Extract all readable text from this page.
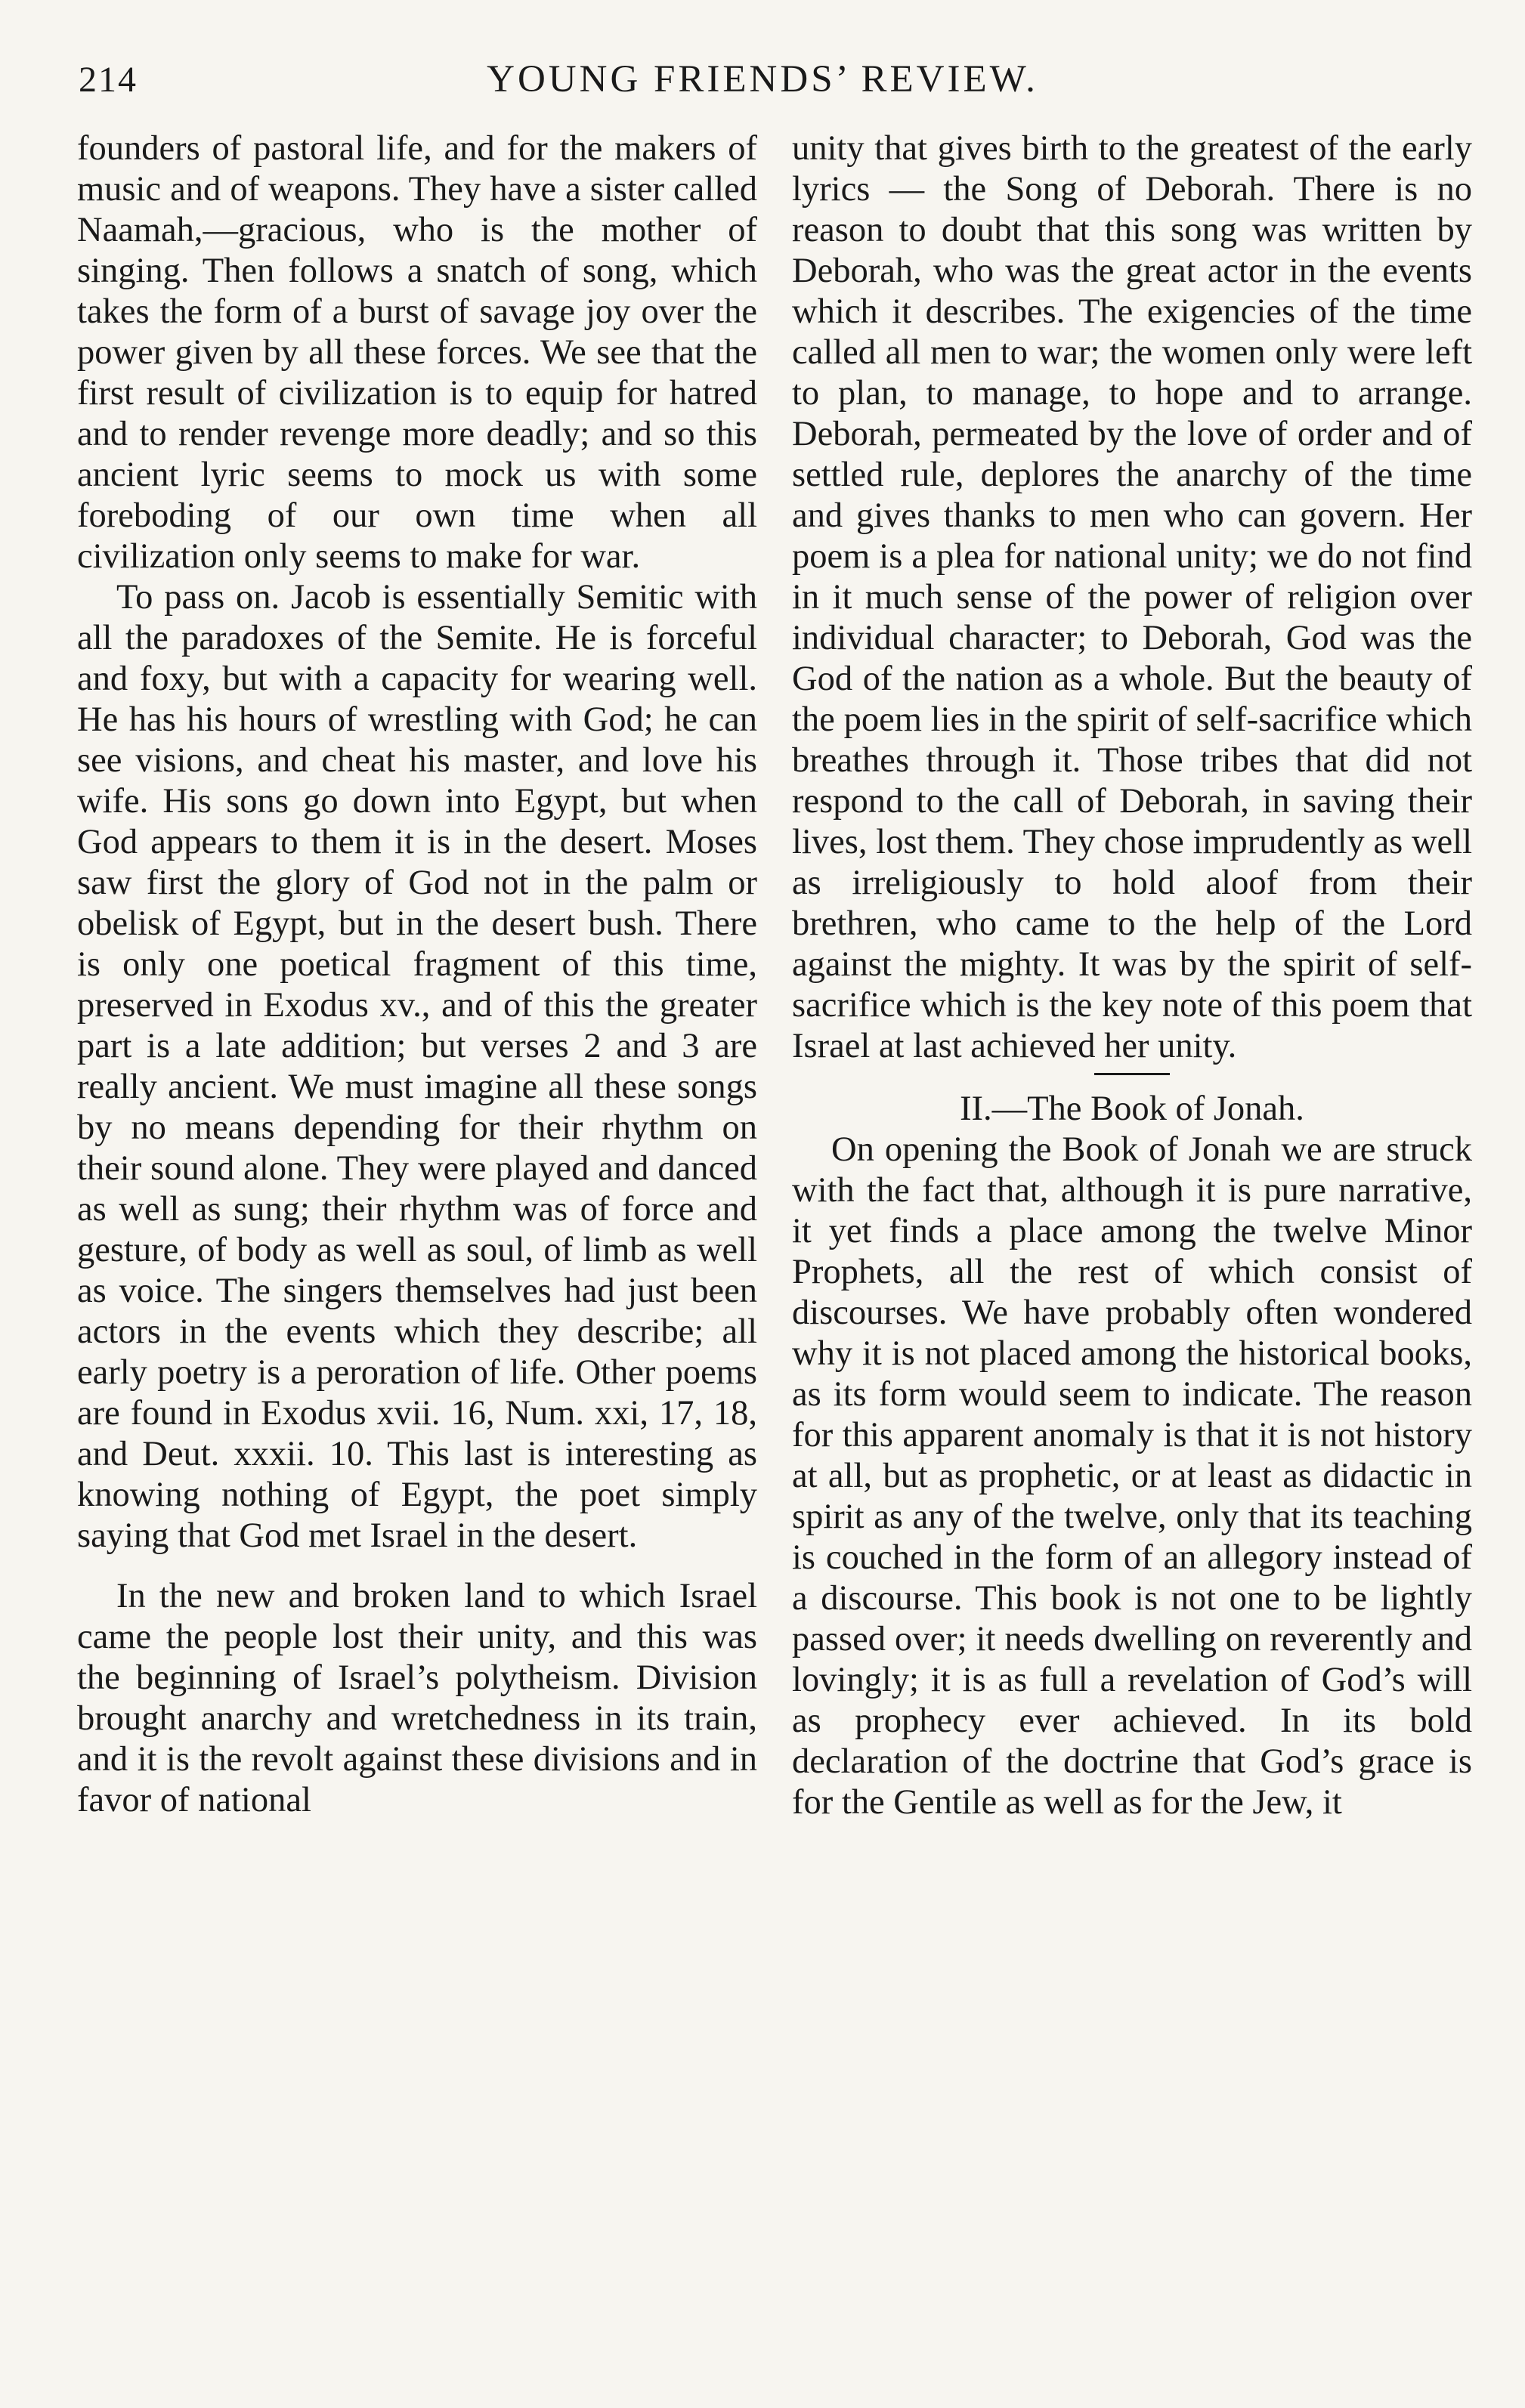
214	YOUNG FRIENDS’ REVIEW.

founders of pastoral life, and for the makers of music and of weapons. They have a sister called Naamah,—gracious, who is the mother of singing. Then follows a snatch of song, which takes the form of a burst of savage joy over the power given by all these forces. We see that the first result of civilization is to equip for hatred and to render revenge more deadly; and so this ancient lyric seems to mock us with some foreboding of our own time when all civilization only seems to make for war.

To pass on. Jacob is essentially Semitic with all the paradoxes of the Semite. He is forceful and foxy, but with a capacity for wearing well. He has his hours of wrestling with God; he can see visions, and cheat his master, and love his wife. His sons go down into Egypt, but when God appears to them it is in the desert. Moses saw first the glory of God not in the palm or obelisk of Egypt, but in the desert bush. There is only one poetical fragment of this time, preserved in Exodus xv., and of this the greater part is a late addition; but verses 2 and 3 are really ancient. We must imagine all these songs by no means depending for their rhythm on their sound alone. They were played and danced as well as sung; their rhythm was of force and gesture, of body as well as soul, of limb as well as voice. The singers themselves had just been actors in the events which they describe; all early poetry is a peroration of life. Other poems are found in Exodus xvii. 16, Num. xxi, 17, 18, and Deut. xxxii. 10. This last is interesting as knowing nothing of Egypt, the poet simply saying that God met Israel in the desert.

In the new and broken land to which Israel came the people lost their unity, and this was the beginning of Israel’s polytheism. Division brought anarchy and wretchedness in its train, and it is the revolt against these divisions and in favor of national

unity that gives birth to the greatest of the early lyrics — the Song of Deborah. There is no reason to doubt that this song was written by Deborah, who was the great actor in the events which it describes. The exigencies of the time called all men to war; the women only were left to plan, to manage, to hope and to arrange. Deborah, permeated by the love of order and of settled rule, deplores the anarchy of the time and gives thanks to men who can govern. Her poem is a plea for national unity; we do not find in it much sense of the power of religion over individual character; to Deborah, God was the God of the nation as a whole. But the beauty of the poem lies in the spirit of self-sacrifice which breathes through it. Those tribes that did not respond to the call of Deborah, in saving their lives, lost them. They chose imprudently as well as irreligiously to hold aloof from their brethren, who came to the help of the Lord against the mighty. It was by the spirit of self-sacrifice which is the key note of this poem that Israel at last achieved her unity.

II.—The Book of Jonah.

On opening the Book of Jonah we are struck with the fact that, although it is pure narrative, it yet finds a place among the twelve Minor Prophets, all the rest of which consist of discourses. We have probably often wondered why it is not placed among the historical books, as its form would seem to indicate. The reason for this apparent anomaly is that it is not history at all, but as prophetic, or at least as didactic in spirit as any of the twelve, only that its teaching is couched in the form of an allegory instead of a discourse. This book is not one to be lightly passed over; it needs dwelling on reverently and lovingly; it is as full a revelation of God’s will as prophecy ever achieved. In its bold declaration of the doctrine that God’s grace is for the Gentile as well as for the Jew, it
